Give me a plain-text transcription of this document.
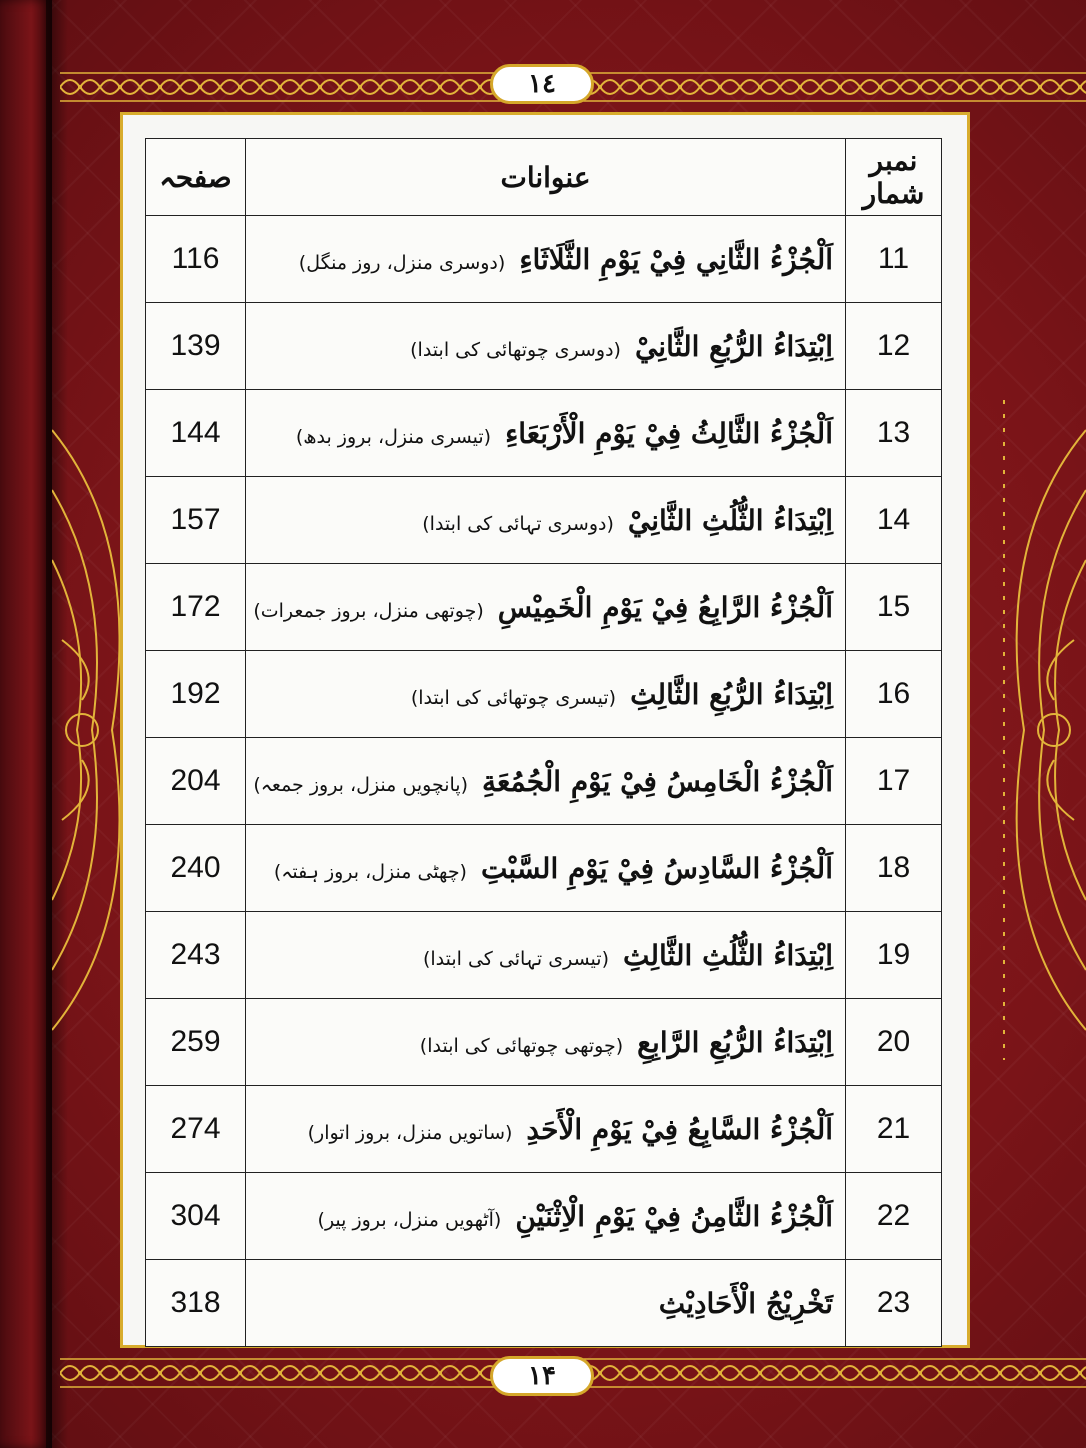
١٤
صفحہ	عنوانات	نمبر شمار
116	اَلْجُزْءُ الثَّانِي فِيْ يَوْمِ الثَّلَاثَاءِ(دوسری منزل، روز منگل)	11
139	اِبْتِدَاءُ الرُّبُعِ الثَّانِيْ(دوسری چوتھائی کی ابتدا)	12
144	اَلْجُزْءُ الثَّالِثُ فِيْ يَوْمِ الْأَرْبَعَاءِ(تیسری منزل، بروز بدھ)	13
157	اِبْتِدَاءُ الثُّلُثِ الثَّانِيْ(دوسری تہائی کی ابتدا)	14
172	اَلْجُزْءُ الرَّابِعُ فِيْ يَوْمِ الْخَمِيْسِ(چوتھی منزل، بروز جمعرات)	15
192	اِبْتِدَاءُ الرُّبُعِ الثَّالِثِ(تیسری چوتھائی کی ابتدا)	16
204	اَلْجُزْءُ الْخَامِسُ فِيْ يَوْمِ الْجُمُعَةِ(پانچویں منزل، بروز جمعہ)	17
240	اَلْجُزْءُ السَّادِسُ فِيْ يَوْمِ السَّبْتِ(چھٹی منزل، بروز ہفتہ)	18
243	اِبْتِدَاءُ الثُّلُثِ الثَّالِثِ(تیسری تہائی کی ابتدا)	19
259	اِبْتِدَاءُ الرُّبُعِ الرَّابِعِ(چوتھی چوتھائی کی ابتدا)	20
274	اَلْجُزْءُ السَّابِعُ فِيْ يَوْمِ الْأَحَدِ(ساتویں منزل، بروز اتوار)	21
304	اَلْجُزْءُ الثَّامِنُ فِيْ يَوْمِ الْاِثْنَيْنِ(آٹھویں منزل، بروز پیر)	22
318	تَخْرِيْجُ الْأَحَادِيْثِ	23
١۴
